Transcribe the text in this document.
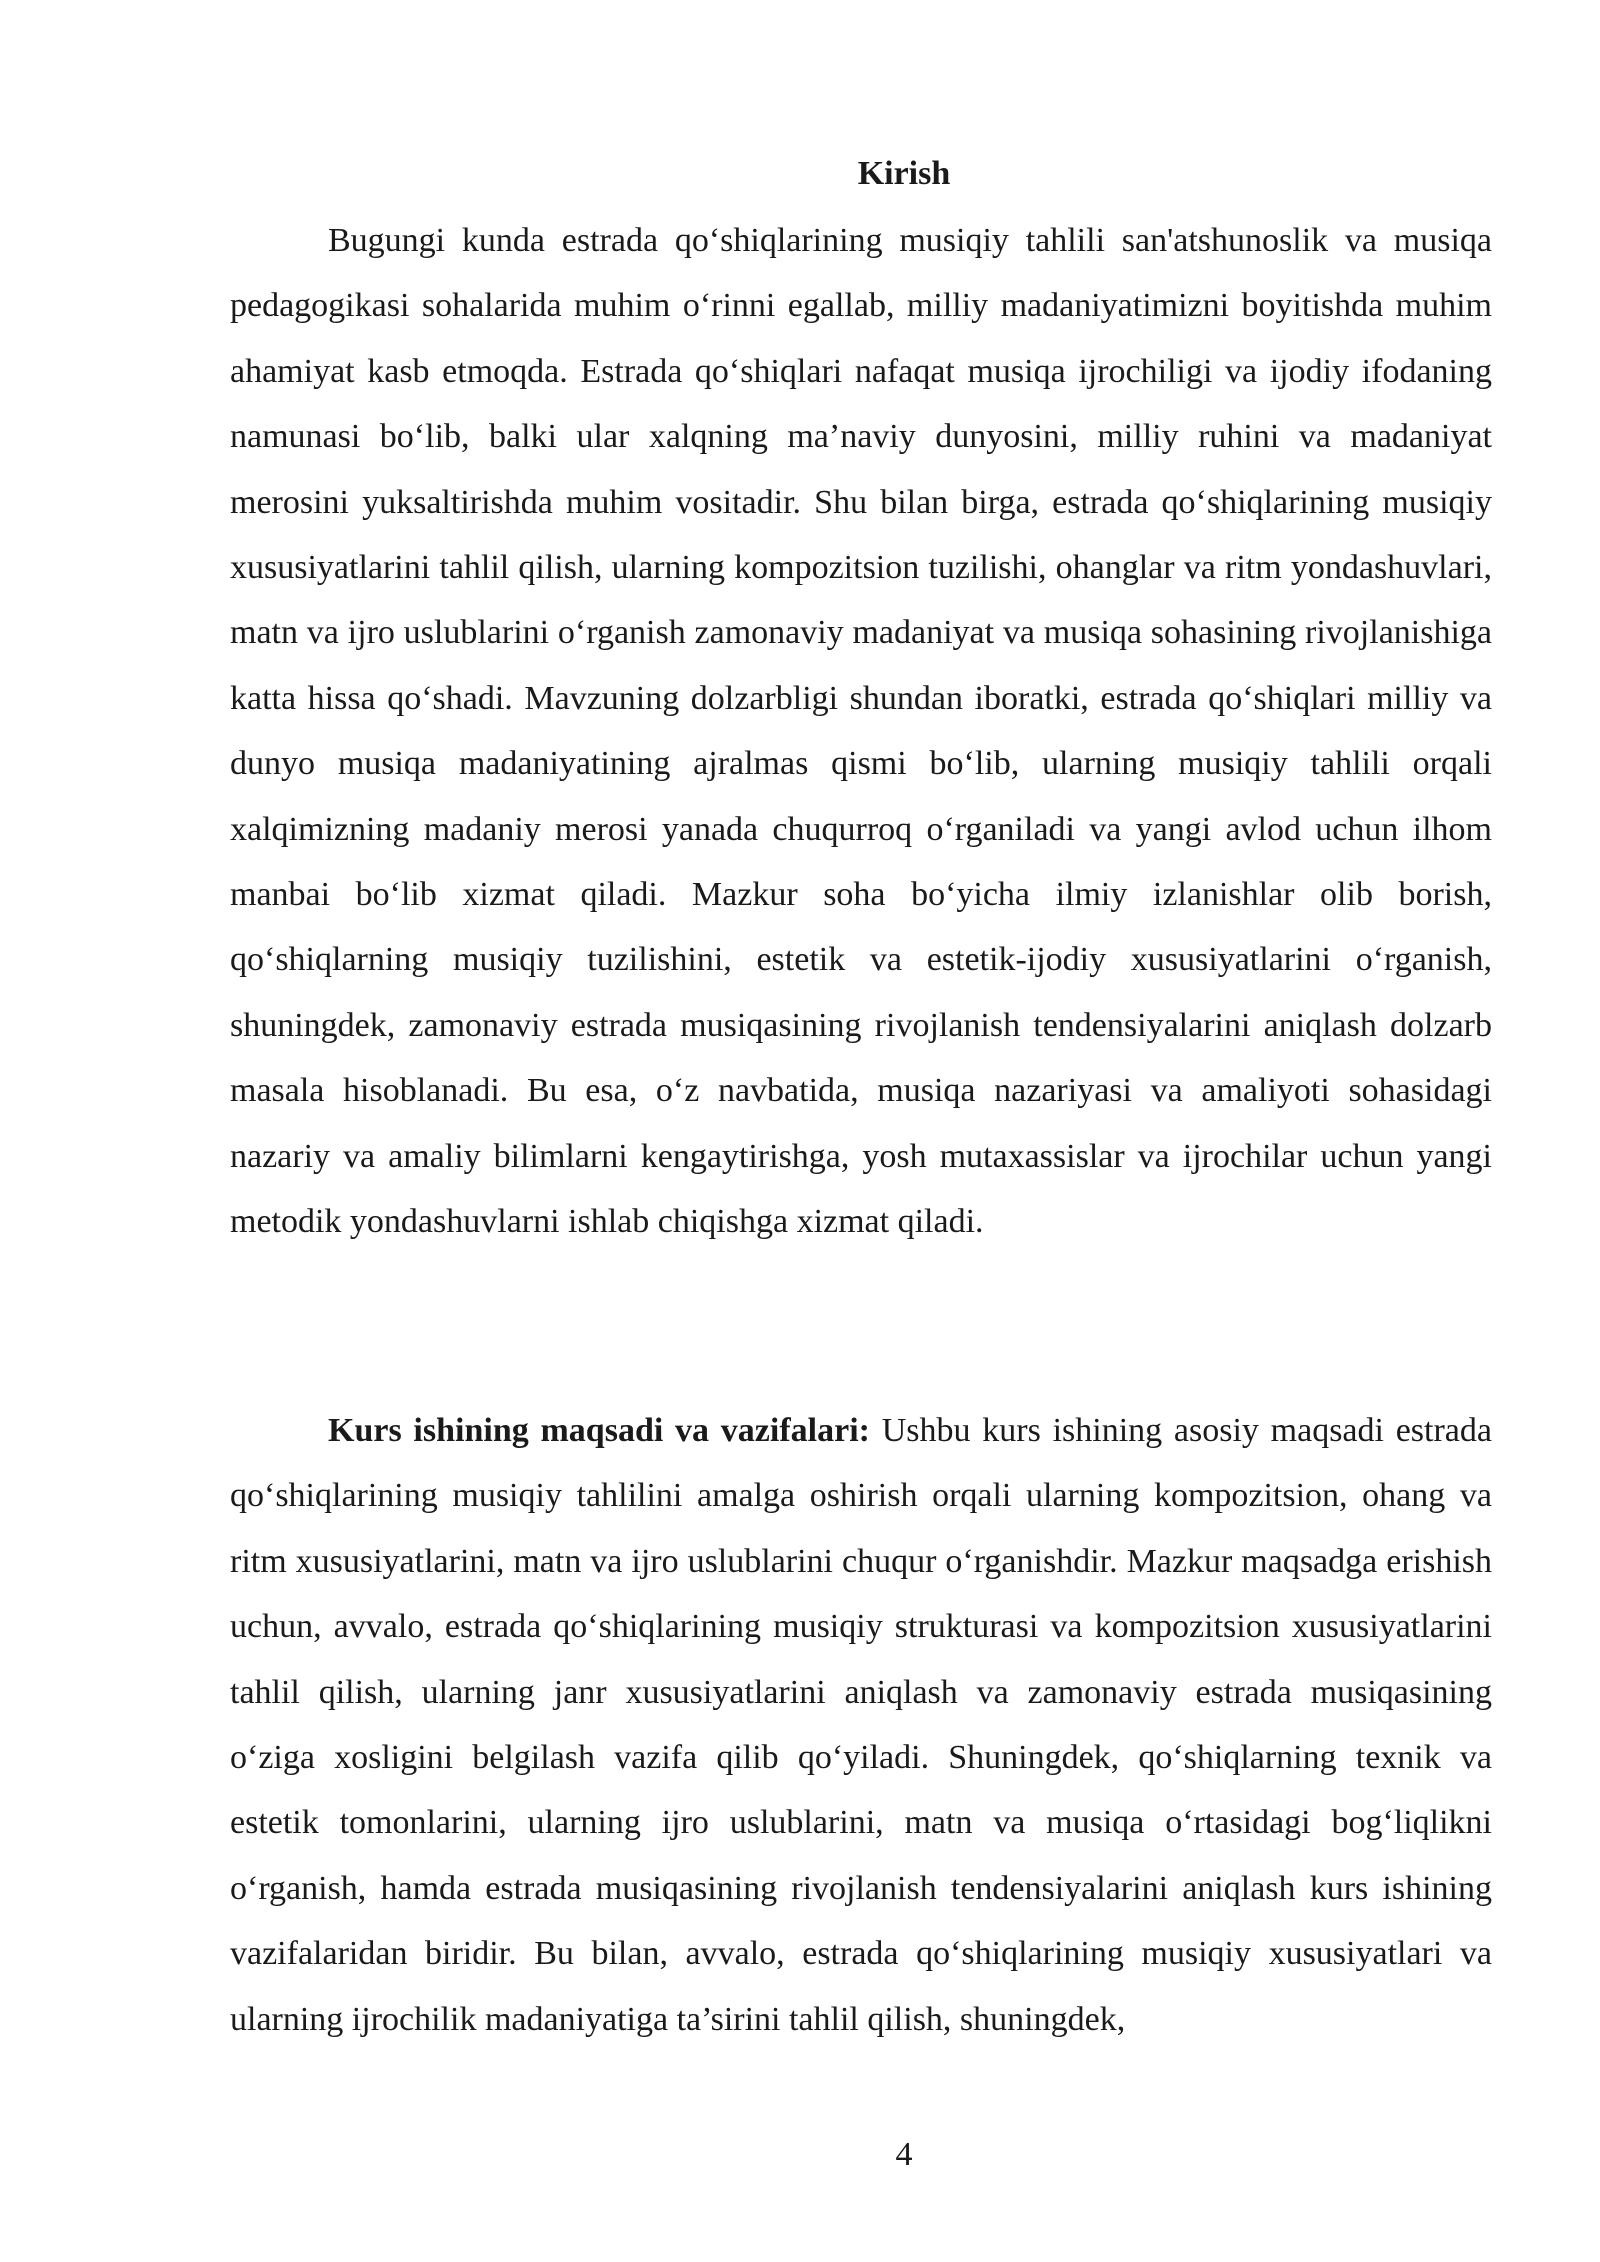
Kirish

Bugungi kunda estrada qo‘shiqlarining musiqiy tahlili san'atshunoslik va musiqa pedagogikasi sohalarida muhim o‘rinni egallab, milliy madaniyatimizni boyitishda muhim ahamiyat kasb etmoqda. Estrada qo‘shiqlari nafaqat musiqa ijrochiligi va ijodiy ifodaning namunasi bo‘lib, balki ular xalqning ma’naviy dunyosini, milliy ruhini va madaniyat merosini yuksaltirishda muhim vositadir. Shu bilan birga, estrada qo‘shiqlarining musiqiy xususiyatlarini tahlil qilish, ularning kompozitsion tuzilishi, ohanglar va ritm yondashuvlari, matn va ijro uslublarini o‘rganish zamonaviy madaniyat va musiqa sohasining rivojlanishiga katta hissa qo‘shadi. Mavzuning dolzarbligi shundan iboratki, estrada qo‘shiqlari milliy va dunyo musiqa madaniyatining ajralmas qismi bo‘lib, ularning musiqiy tahlili orqali xalqimizning madaniy merosi yanada chuqurroq o‘rganiladi va yangi avlod uchun ilhom manbai bo‘lib xizmat qiladi. Mazkur soha bo‘yicha ilmiy izlanishlar olib borish, qo‘shiqlarning musiqiy tuzilishini, estetik va estetik-ijodiy xususiyatlarini o‘rganish, shuningdek, zamonaviy estrada musiqasining rivojlanish tendensiyalarini aniqlash dolzarb masala hisoblanadi. Bu esa, o‘z navbatida, musiqa nazariyasi va amaliyoti sohasidagi nazariy va amaliy bilimlarni kengaytirishga, yosh mutaxassislar va ijrochilar uchun yangi metodik yondashuvlarni ishlab chiqishga xizmat qiladi.

Kurs ishining maqsadi va vazifalari: Ushbu kurs ishining asosiy maqsadi estrada qo‘shiqlarining musiqiy tahlilini amalga oshirish orqali ularning kompozitsion, ohang va ritm xususiyatlarini, matn va ijro uslublarini chuqur o‘rganishdir. Mazkur maqsadga erishish uchun, avvalo, estrada qo‘shiqlarining musiqiy strukturasi va kompozitsion xususiyatlarini tahlil qilish, ularning janr xususiyatlarini aniqlash va zamonaviy estrada musiqasining o‘ziga xosligini belgilash vazifa qilib qo‘yiladi. Shuningdek, qo‘shiqlarning texnik va estetik tomonlarini, ularning ijro uslublarini, matn va musiqa o‘rtasidagi bog‘liqlikni o‘rganish, hamda estrada musiqasining rivojlanish tendensiyalarini aniqlash kurs ishining vazifalaridan biridir. Bu bilan, avvalo, estrada qo‘shiqlarining musiqiy xususiyatlari va ularning ijrochilik madaniyatiga ta’sirini tahlil qilish, shuningdek,

4
